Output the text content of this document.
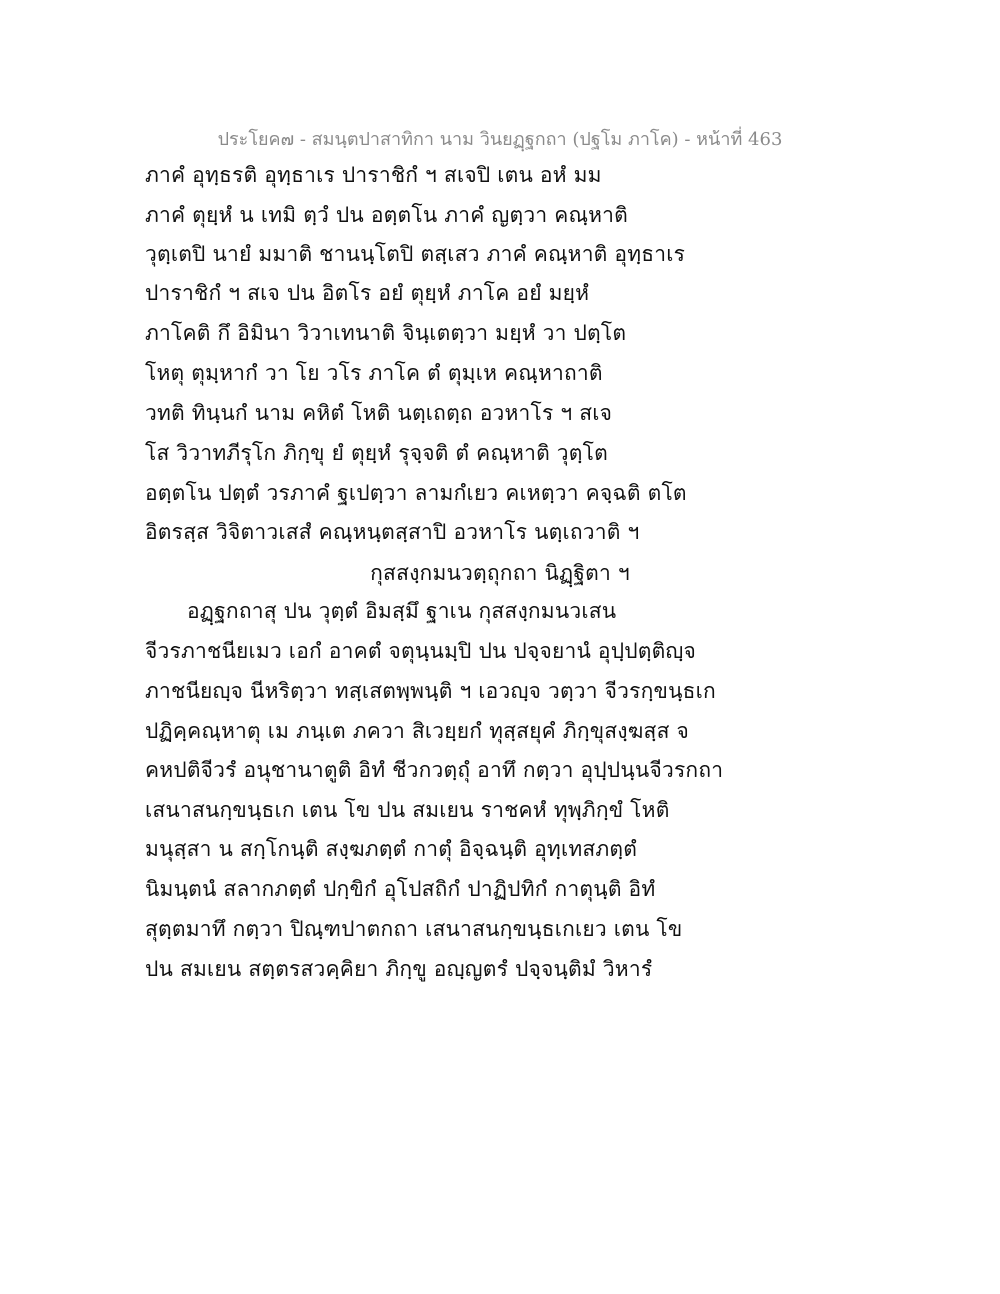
ประโยค๗ - สมนฺตปาสาทิกา นาม วินยฏฺฐกถา (ปฐโม ภาโค) - หน้าที่ 463
ภาคํ อุทฺธรติ อุทฺธาเร ปาราชิกํ ฯ สเจปิ เตน อหํ มม
ภาคํ ตุยฺหํ น เทมิ ตฺวํ ปน อตฺตโน ภาคํ ญตฺวา คณฺหาติ
วุตฺเตปิ นายํ มมาติ ชานนฺโตปิ ตสฺเสว ภาคํ คณฺหาติ อุทฺธาเร
ปาราชิกํ ฯ สเจ ปน อิตโร อยํ ตุยฺหํ ภาโค อยํ มยฺหํ
ภาโคติ กึ อิมินา วิวาเทนาติ จินฺเตตฺวา มยฺหํ วา ปตฺโต
โหตุ ตุมฺหากํ วา โย วโร ภาโค ตํ ตุมฺเห คณฺหาถาติ
วทติ ทินฺนกํ นาม คหิตํ โหติ นตฺเถตฺถ อวหาโร ฯ สเจ
โส วิวาทภีรุโก ภิกฺขุ ยํ ตุยฺหํ รุจฺจติ ตํ คณฺหาติ วุตฺโต
อตฺตโน ปตฺตํ วรภาคํ ฐเปตฺวา ลามกํเยว คเหตฺวา คจฺฉติ ตโต
อิตรสฺส วิจิตาวเสสํ คณฺหนฺตสฺสาปิ อวหาโร นตฺเถวาติ ฯ
กุสสงฺกมนวตฺถุกถา นิฏฺฐิตา ฯ
อฏฺฐกถาสุ ปน วุตฺตํ อิมสฺมึ ฐาเน กุสสงฺกมนวเสน
จีวรภาชนียเมว เอกํ อาคตํ จตุนฺนมฺปิ ปน ปจฺจยานํ อุปฺปตฺติญฺจ
ภาชนียญฺจ นีหริตฺวา ทสฺเสตพฺพนฺติ ฯ เอวญฺจ วตฺวา จีวรกฺขนฺธเก
ปฏิคฺคณฺหาตุ เม ภนฺเต ภควา สิเวยฺยกํ ทุสฺสยุคํ ภิกฺขุสงฺฆสฺส จ
คหปติจีวรํ อนุชานาตูติ อิทํ ชีวกวตฺถุํ อาทึ กตฺวา อุปฺปนฺนจีวรกถา
เสนาสนกฺขนฺธเก เตน โข ปน สมเยน ราชคหํ ทุพฺภิกฺขํ โหติ
มนุสฺสา น สกฺโกนฺติ สงฺฆภตฺตํ กาตุํ อิจฺฉนฺติ อุทฺเทสภตฺตํ
นิมนฺตนํ สลากภตฺตํ ปกฺขิกํ อุโปสถิกํ ปาฏิปทิกํ กาตุนฺติ อิทํ
สุตฺตมาทึ กตฺวา ปิณฺฑปาตกถา เสนาสนกฺขนฺธเกเยว เตน โข
ปน สมเยน สตฺตรสวคฺคิยา ภิกฺขู อญฺญตรํ ปจฺจนฺติมํ วิหารํ
